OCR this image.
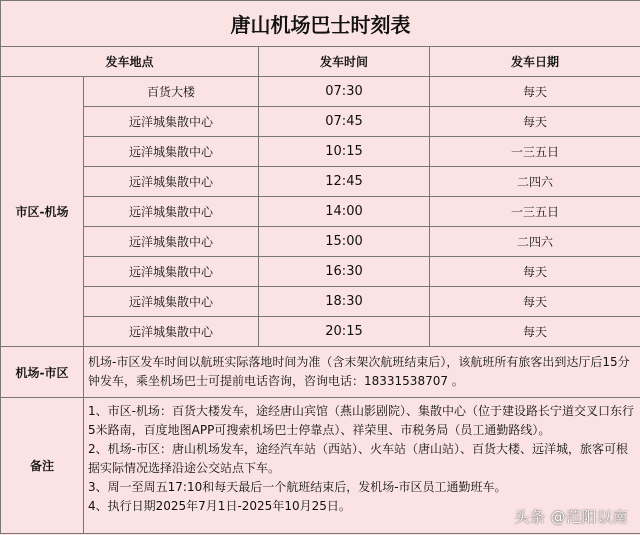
唐山机场巴士时刻表			
发车地点		发车时间	发车日期
市区-机场	百货大楼	07:30	每天
	远洋城集散中心	07:45	每天
	远洋城集散中心	10:15	一三五日
	远洋城集散中心	12:45	二四六
	远洋城集散中心	14:00	一三五日
	远洋城集散中心	15:00	二四六
	远洋城集散中心	16:30	每天
	远洋城集散中心	18:30	每天
	远洋城集散中心	20:15	每天
机场-市区	机场-市区发车时间以航班实际落地时间为准（含末架次航班结束后），该航班所有旅客出到达厅后15分钟发车，乘坐机场巴士可提前电话咨询，咨询电话：18331538707 。		
备注	1、市区-机场：百货大楼发车，途经唐山宾馆（燕山影剧院）、集散中心（位于建设路长宁道交叉口东行5米路南，百度地图APP可搜索机场巴士停靠点）、祥荣里、市税务局（员工通勤路线）。
2、机场-市区：唐山机场发车，途经汽车站（西站）、火车站（唐山站）、百货大楼、远洋城，旅客可根据实际情况选择沿途公交站点下车。
3、周一至周五17:10和每天最后一个航班结束后，发机场-市区员工通勤班车。
4、执行日期2025年7月1日-2025年10月25日。		
头条 @范阳以南
